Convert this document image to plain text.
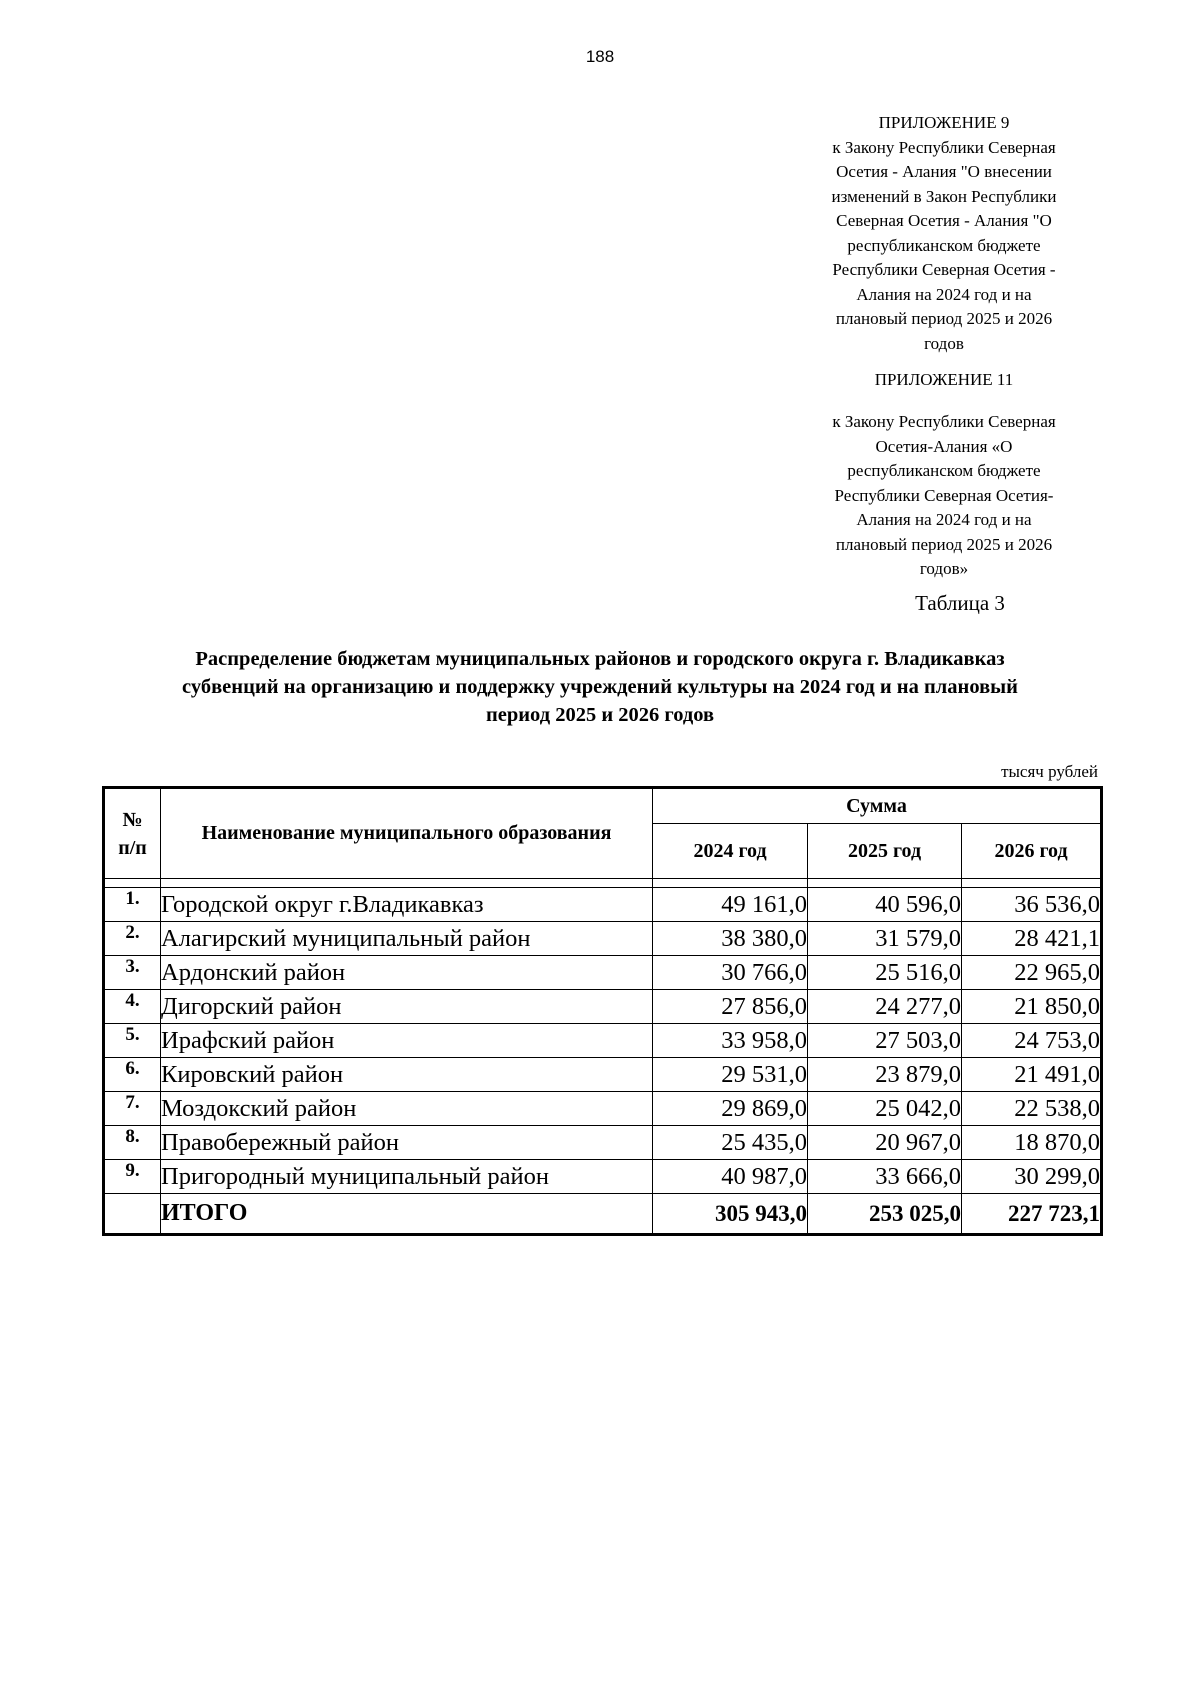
188
ПРИЛОЖЕНИЕ 9
к Закону Республики Северная
Осетия - Алания "О внесении
изменений в Закон Республики
Северная Осетия - Алания "О
республиканском бюджете
Республики Северная Осетия -
Алания на 2024 год и на
плановый период 2025 и 2026
годов
ПРИЛОЖЕНИЕ 11
к Закону Республики Северная
Осетия-Алания «О
республиканском бюджете
Республики Северная Осетия-
Алания на 2024 год и на
плановый период 2025 и 2026
годов»
Таблица 3
Распределение бюджетам муниципальных районов и городского округа г. Владикавказ
субвенций на организацию и поддержку учреждений культуры на 2024 год и на плановый
период 2025 и 2026 годов
тысяч рублей
№
п/п	Наименование муниципального образования	Сумма		
		2024 год	2025 год	2026 год

1.	Городской округ г.Владикавказ	49 161,0	40 596,0	36 536,0
2.	Алагирский муниципальный район	38 380,0	31 579,0	28 421,1
3.	Ардонский район	30 766,0	25 516,0	22 965,0
4.	Дигорский район	27 856,0	24 277,0	21 850,0
5.	Ирафский район	33 958,0	27 503,0	24 753,0
6.	Кировский район	29 531,0	23 879,0	21 491,0
7.	Моздокский район	29 869,0	25 042,0	22 538,0
8.	Правобережный район	25 435,0	20 967,0	18 870,0
9.	Пригородный муниципальный район	40 987,0	33 666,0	30 299,0
	ИТОГО	305 943,0	253 025,0	227 723,1
